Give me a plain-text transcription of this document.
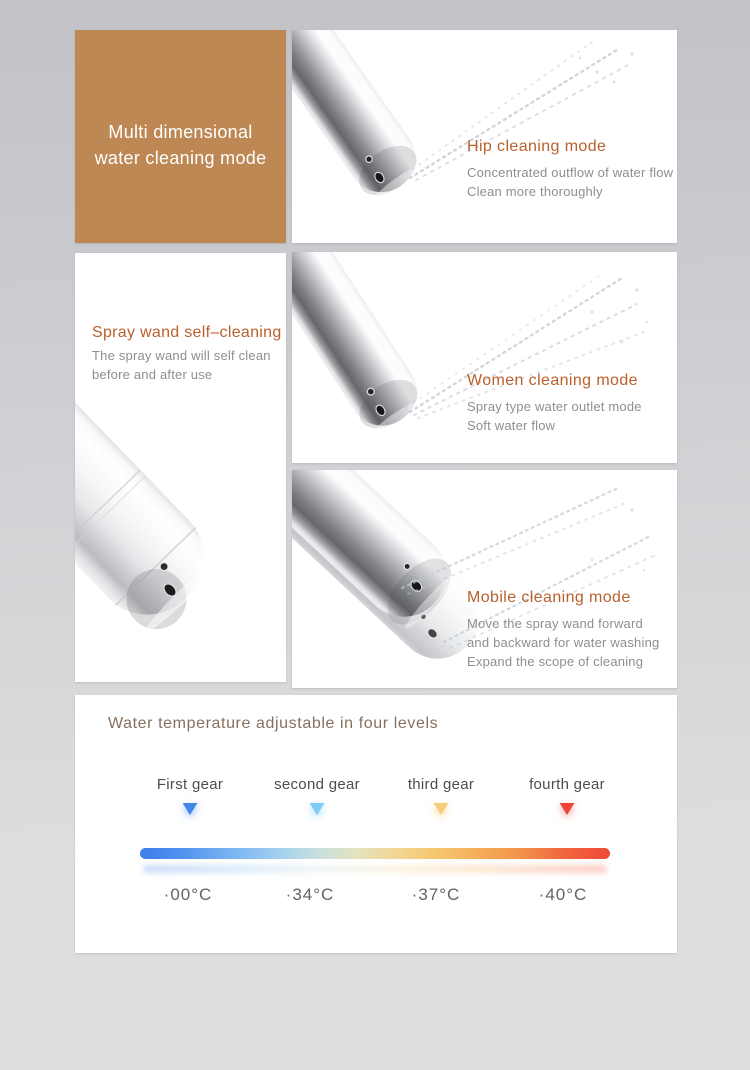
Multi dimensional
water cleaning mode
Hip cleaning mode
Concentrated outflow of water flow
Clean more thoroughly
Spray wand self–cleaning
The spray wand will self clean
before and after use	Women cleaning mode
Spray type water outlet mode
Soft water flow
Mobile cleaning mode
Move the spray wand forward
and backward for water washing
Expand the scope of cleaning
Water temperature adjustable in four levels
First gear	second gear	third gear	fourth gear
·00°C	·34°C	·37°C	·40°C
